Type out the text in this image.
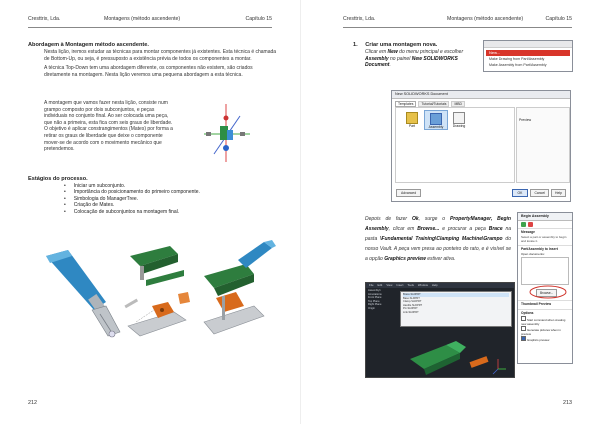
Cresttrix, Lda.	Montagens (método ascendente)	Capítulo 15
Abordagem à Montagem método ascendente.
Nesta lição, iremos estudar as técnicas para montar componentes já existentes. Esta técnica é chamada de Bottom-Up, ou seja, é pressuposto a existência prévia de todos os componentes a montar.
A técnica Top-Down tem uma abordagem diferente, os componentes não existem, são criados diretamente na montagem. Nesta lição veremos uma pequena abordagem a esta técnica.
A montagem que vamos fazer nesta lição, consiste num grampo composto por dois subconjuntos, e peças individuais no conjunto final. Ao ser colocada uma peça, que não a primeira, esta fica com seis graus de liberdade. O objetivo é aplicar constrangimentos (Mates) por forma a retirar os graus de liberdade que deixe o componente mover-se de acordo com o movimento mecânico que pretendemos.
Estágios do processo.
• Iniciar um subconjunto.
• Importância do posicionamento do primeiro componente.
• Simbologia do ManagerTree.
• Criação de Mates.
• Colocação de subconjuntos na montagem final.
212
Cresttrix, Lda.	Montagens (método ascendente)	Capítulo 15
1. Criar uma montagem nova.
Clicar em New do menu principal e escolher Assembly no painel New SOLIDWORKS Document.
New...
Make Drawing from Part/Assembly
Make Assembly from Part/Assembly
New SOLIDWORKS Document
Templates	Tutorial/Tutoriais	MBD
Part	Assembly	Drawing
Preview
Advanced	OK	Cancel	Help
Depois de fazer Ok, surge o PropertyManager, Begin Assembly, clicar em Browse... e procurar a peça Brace na pasta \Fundamental Training\Clamping Machine\Grampo do nosso Vault. A peça vem presa ao ponteiro do rato, e é visível se a opção Graphics preview estiver ativa.
Begin Assembly
Message
Select a part or assembly to begin and locate it.
Part/Assembly to Insert
Open documents:
Browse...
Thumbnail Preview
Options
Start command when creating new assembly
Generate pictures when in preview
Graphics preview
File Edit View Insert Tools Window Help
Assembly1
Annotations
Front Plane
Top Plane
Right Plane
Origin
Brace.SLDPRT
Base.SLDPRT
Clamp.SLDPRT
Handle.SLDPRT
Pin.SLDPRT
Link.SLDPRT
213
